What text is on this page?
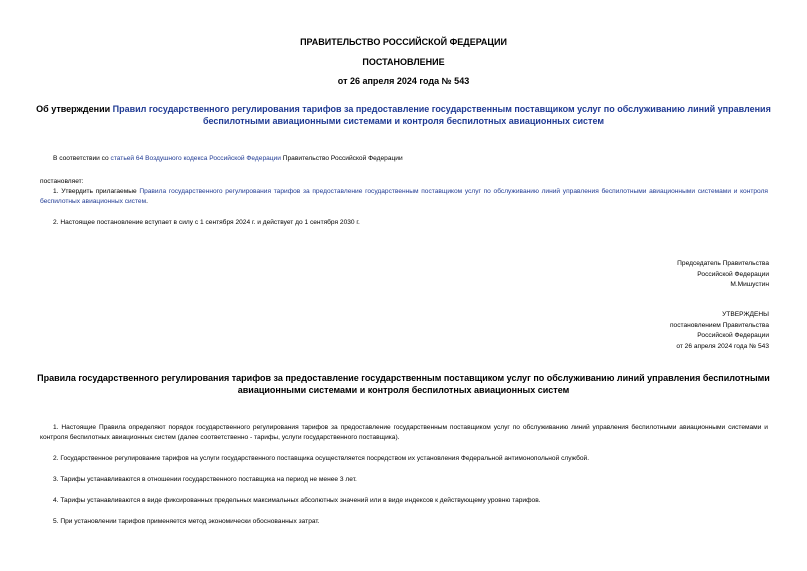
ПРАВИТЕЛЬСТВО РОССИЙСКОЙ ФЕДЕРАЦИИ
ПОСТАНОВЛЕНИЕ
от 26 апреля 2024 года № 543
Об утверждении Правил государственного регулирования тарифов за предоставление государственным поставщиком услуг по обслуживанию линий управления беспилотными авиационными системами и контроля беспилотных авиационных систем
В соответствии со статьей 64 Воздушного кодекса Российской Федерации Правительство Российской Федерации
постановляет:
1. Утвердить прилагаемые Правила государственного регулирования тарифов за предоставление государственным поставщиком услуг по обслуживанию линий управления беспилотными авиационными системами и контроля беспилотных авиационных систем.
2. Настоящее постановление вступает в силу с 1 сентября 2024 г. и действует до 1 сентября 2030 г.
Председатель Правительства
Российской Федерации
М.Мишустин
УТВЕРЖДЕНЫ
постановлением Правительства
Российской Федерации
от 26 апреля 2024 года № 543
Правила государственного регулирования тарифов за предоставление государственным поставщиком услуг по обслуживанию линий управления беспилотными авиационными системами и контроля беспилотных авиационных систем
1. Настоящие Правила определяют порядок государственного регулирования тарифов за предоставление государственным поставщиком услуг по обслуживанию линий управления беспилотными авиационными системами и контроля беспилотных авиационных систем (далее соответственно - тарифы, услуги государственного поставщика).
2. Государственное регулирование тарифов на услуги государственного поставщика осуществляется посредством их установления Федеральной антимонопольной службой.
3. Тарифы устанавливаются в отношении государственного поставщика на период не менее 3 лет.
4. Тарифы устанавливаются в виде фиксированных предельных максимальных абсолютных значений или в виде индексов к действующему уровню тарифов.
5. При установлении тарифов применяется метод экономически обоснованных затрат.
